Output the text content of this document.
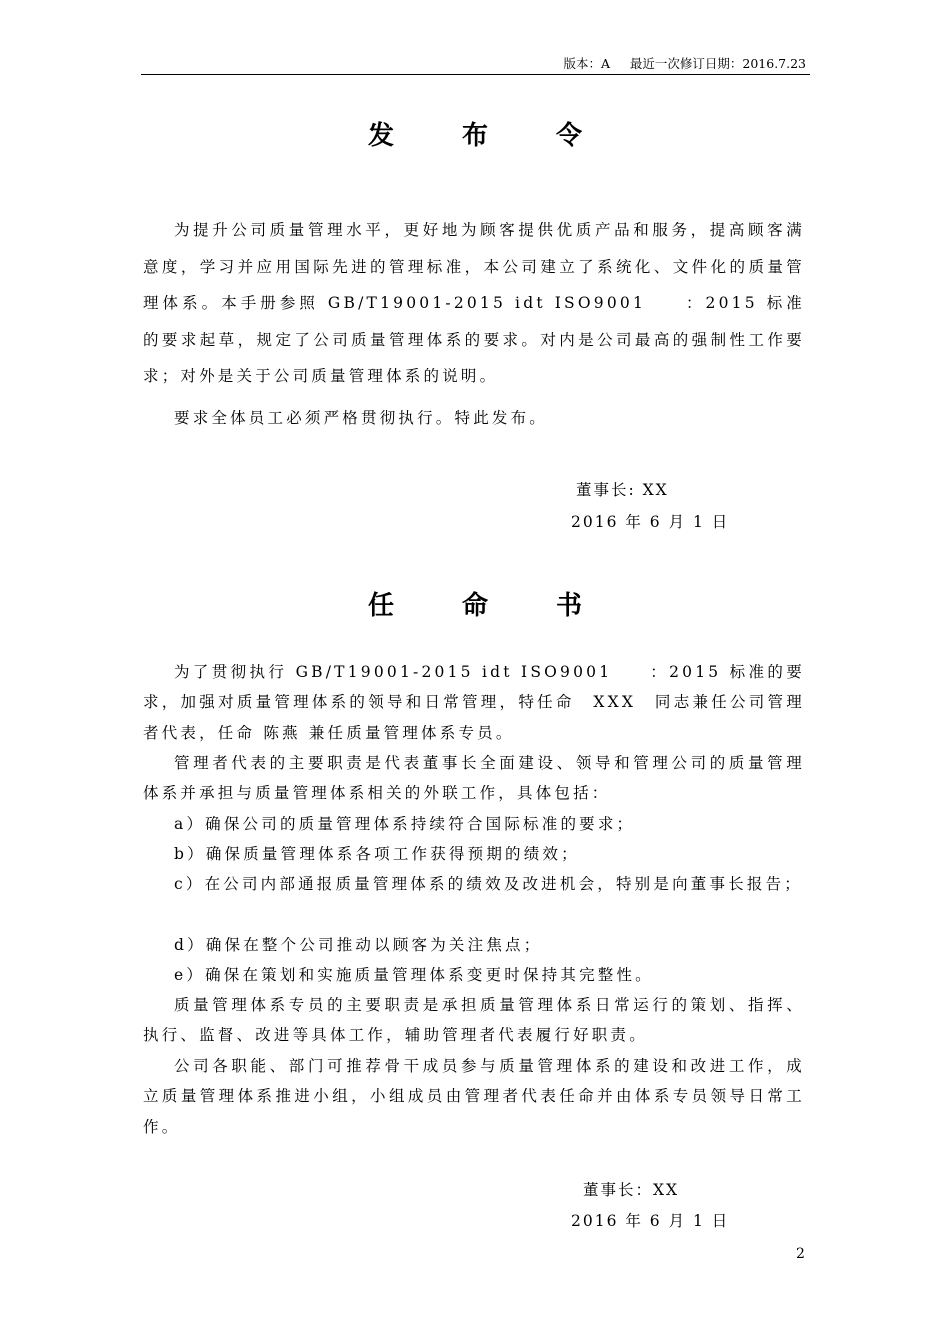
版本：A     最近一次修订日期：2016.7.23
发	布	令

为提升公司质量管理水平，更好地为顾客提供优质产品和服务，提高顾客满意度，学习并应用国际先进的管理标准，本公司建立了系统化、文件化的质量管理体系。本手册参照 GB/T19001-2015 idt ISO9001　　：2015 标准的要求起草，规定了公司质量管理体系的要求。对内是公司最高的强制性工作要求；对外是关于公司质量管理体系的说明。

要求全体员工必须严格贯彻执行。特此发布。

董事长: XX
2016 年 6 月 1 日
任	命	书

为了贯彻执行 GB/T19001-2015 idt ISO9001　　：2015 标准的要求，加强对质量管理体系的领导和日常管理，特任命　XXX　同志兼任公司管理者代表，任命 陈燕 兼任质量管理体系专员。

管理者代表的主要职责是代表董事长全面建设、领导和管理公司的质量管理体系并承担与质量管理体系相关的外联工作，具体包括：

a）确保公司的质量管理体系持续符合国际标准的要求；

b）确保质量管理体系各项工作获得预期的绩效；

c）在公司内部通报质量管理体系的绩效及改进机会，特别是向董事长报告；

d）确保在整个公司推动以顾客为关注焦点；

e）确保在策划和实施质量管理体系变更时保持其完整性。

质量管理体系专员的主要职责是承担质量管理体系日常运行的策划、指挥、执行、监督、改进等具体工作，辅助管理者代表履行好职责。

公司各职能、部门可推荐骨干成员参与质量管理体系的建设和改进工作，成立质量管理体系推进小组，小组成员由管理者代表任命并由体系专员领导日常工作。

董事长：XX
2016 年 6 月 1 日
2
